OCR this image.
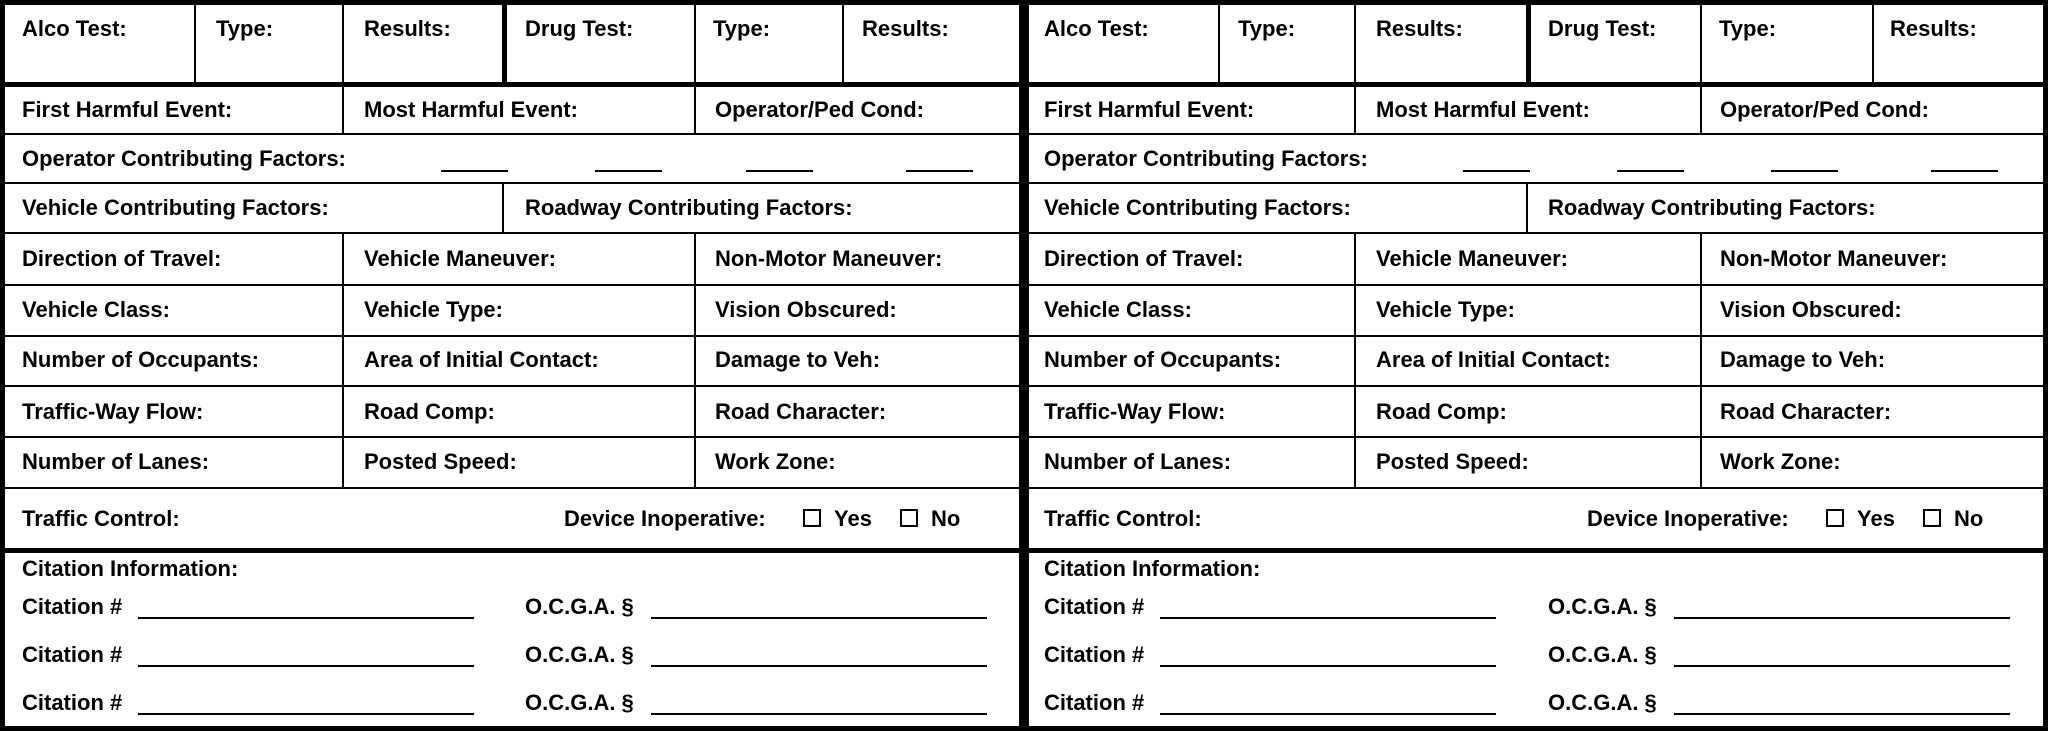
Alco Test:	Type:	Results:	Drug Test:	Type:	Results:
First Harmful Event:	Most Harmful Event:	Operator/Ped Cond:
Operator Contributing Factors:
Vehicle Contributing Factors:	Roadway Contributing Factors:
Direction of Travel:	Vehicle Maneuver:	Non-Motor Maneuver:
Vehicle Class:	Vehicle Type:	Vision Obscured:
Number of Occupants:	Area of Initial Contact:	Damage to Veh:
Traffic-Way Flow:	Road Comp:	Road Character:
Number of Lanes:	Posted Speed:	Work Zone:
Traffic Control:	Device Inoperative:	Yes	No
Citation Information:
Citation #	O.C.G.A. §
Citation #	O.C.G.A. §
Citation #	O.C.G.A. §
Alco Test:	Type:	Results:	Drug Test:	Type:	Results:
First Harmful Event:	Most Harmful Event:	Operator/Ped Cond:
Operator Contributing Factors:
Vehicle Contributing Factors:	Roadway Contributing Factors:
Direction of Travel:	Vehicle Maneuver:	Non-Motor Maneuver:
Vehicle Class:	Vehicle Type:	Vision Obscured:
Number of Occupants:	Area of Initial Contact:	Damage to Veh:
Traffic-Way Flow:	Road Comp:	Road Character:
Number of Lanes:	Posted Speed:	Work Zone:
Traffic Control:	Device Inoperative:	Yes	No
Citation Information:
Citation #	O.C.G.A. §
Citation #	O.C.G.A. §
Citation #	O.C.G.A. §
